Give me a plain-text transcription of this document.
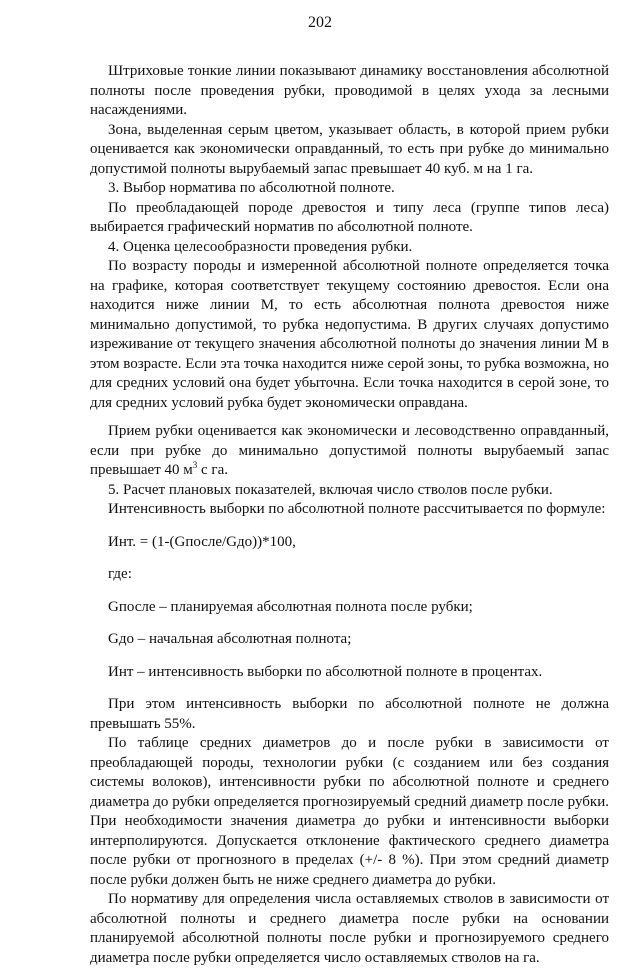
202

Штриховые тонкие линии показывают динамику восстановления абсолютной полноты после проведения рубки, проводимой в целях ухода за лесными насаждениями.

Зона, выделенная серым цветом, указывает область, в которой прием рубки оценивается как экономически оправданный, то есть при рубке до минимально допустимой полноты вырубаемый запас превышает 40 куб. м на 1 га.

3. Выбор норматива по абсолютной полноте.

По преобладающей породе древостоя и типу леса (группе типов леса) выбирается графический норматив по абсолютной полноте.

4. Оценка целесообразности проведения рубки.

По возрасту породы и измеренной абсолютной полноте определяется точка на графике, которая соответствует текущему состоянию древостоя. Если она находится ниже линии M, то есть абсолютная полнота древостоя ниже минимально допустимой, то рубка недопустима. В других случаях допустимо изреживание от текущего значения абсолютной полноты до значения линии M в этом возрасте. Если эта точка находится ниже серой зоны, то рубка возможна, но для средних условий она будет убыточна. Если точка находится в серой зоне, то для средних условий рубка будет экономически оправдана.

Прием рубки оценивается как экономически и лесоводственно оправданный, если при рубке до минимально допустимой полноты вырубаемый запас превышает 40 $м^3$ с га.

5. Расчет плановых показателей, включая число стволов после рубки.

Интенсивность выборки по абсолютной полноте рассчитывается по формуле:

Инт. = (1-(Gпосле/Gдо))*100,

где:

Gпосле – планируемая абсолютная полнота после рубки;

Gдо – начальная абсолютная полнота;

Инт – интенсивность выборки по абсолютной полноте в процентах.

При этом интенсивность выборки по абсолютной полноте не должна превышать 55%.

По таблице средних диаметров до и после рубки в зависимости от преобладающей породы, технологии рубки (с созданием или без создания системы волоков), интенсивности рубки по абсолютной полноте и среднего диаметра до рубки определяется прогнозируемый средний диаметр после рубки. При необходимости значения диаметра до рубки и интенсивности выборки интерполируются. Допускается отклонение фактического среднего диаметра после рубки от прогнозного в пределах (+/- 8 %). При этом средний диаметр после рубки должен быть не ниже среднего диаметра до рубки.

По нормативу для определения числа оставляемых стволов в зависимости от абсолютной полноты и среднего диаметра после рубки на основании планируемой абсолютной полноты после рубки и прогнозируемого среднего диаметра после рубки определяется число оставляемых стволов на га.
